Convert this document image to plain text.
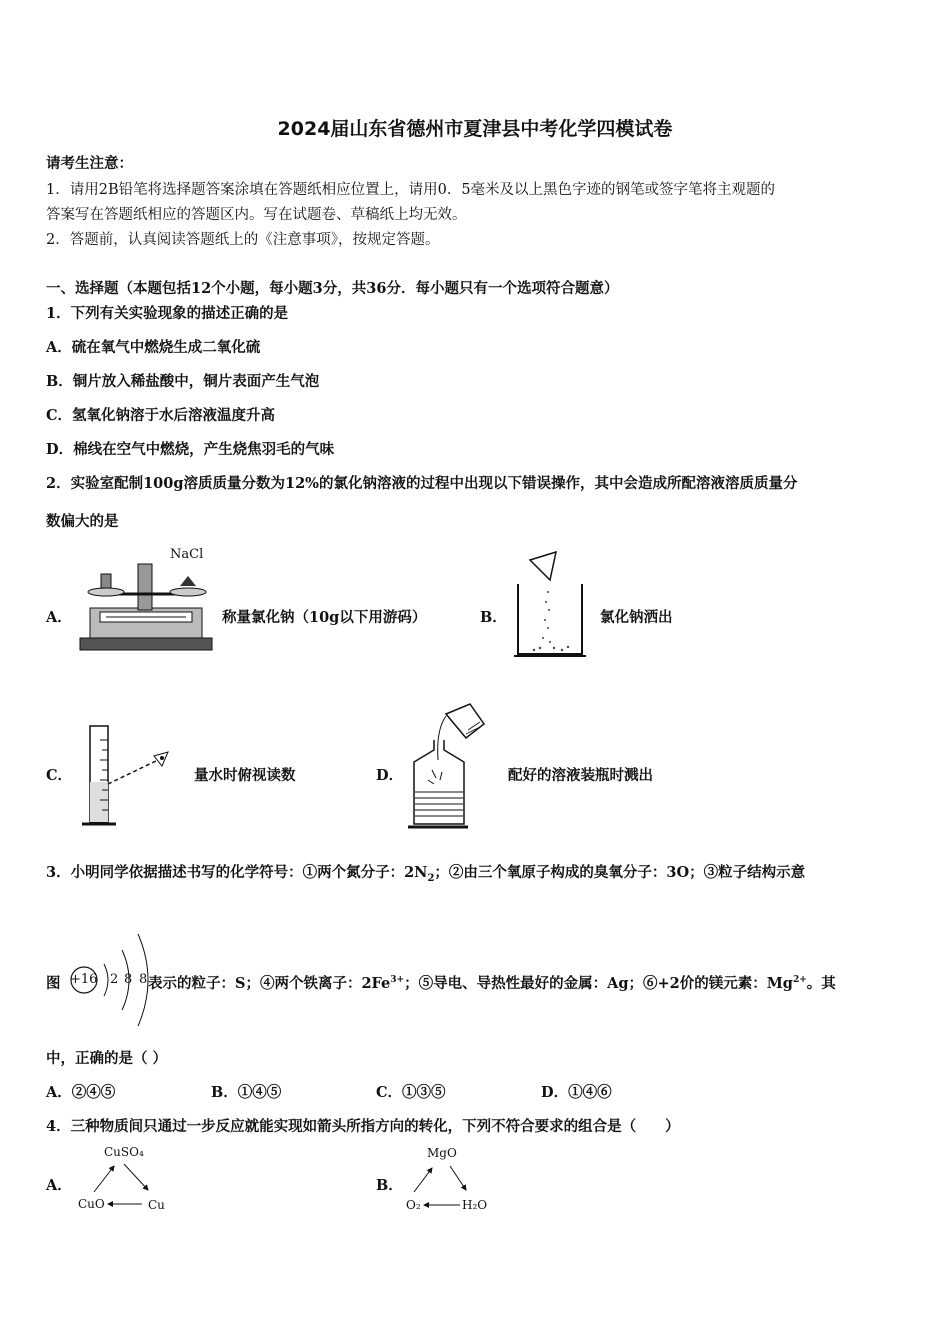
2024届山东省德州市夏津县中考化学四模试卷
请考生注意：
1．请用2B铅笔将选择题答案涂填在答题纸相应位置上，请用0．5毫米及以上黑色字迹的钢笔或签字笔将主观题的
答案写在答题纸相应的答题区内。写在试题卷、草稿纸上均无效。
2．答题前，认真阅读答题纸上的《注意事项》，按规定答题。
一、选择题（本题包括12个小题，每小题3分，共36分．每小题只有一个选项符合题意）
1．下列有关实验现象的描述正确的是
A．硫在氧气中燃烧生成二氧化硫
B．铜片放入稀盐酸中，铜片表面产生气泡
C．氢氧化钠溶于水后溶液温度升高
D．棉线在空气中燃烧，产生烧焦羽毛的气味
2．实验室配制100g溶质质量分数为12%的氯化钠溶液的过程中出现以下错误操作，其中会造成所配溶液溶质质量分
数偏大的是
A．
NaCl
称量氯化钠（10g以下用游码）	B．	氯化钠洒出
C．	量水时俯视读数	D．	配好的溶液装瓶时溅出
3．小明同学依据描述书写的化学符号：①两个氮分子：$2N_2$；②由三个氧原子构成的臭氧分子：3O；③粒子结构示意
图 +16 2 8 8 表示的粒子：S；④两个铁离子：$2Fe^{3+}$；⑤导电、导热性最好的金属：Ag；⑥+2价的镁元素：$Mg^{2+}$。其
中，正确的是（ ）
A．②④⑤	B．①④⑤	C．①③⑤	D．①④⑥
4．三种物质间只通过一步反应就能实现如箭头所指方向的转化，下列不符合要求的组合是（　　）
A．
CuSO₄
CuO	Cu
B．
MgO
O₂	H₂O
